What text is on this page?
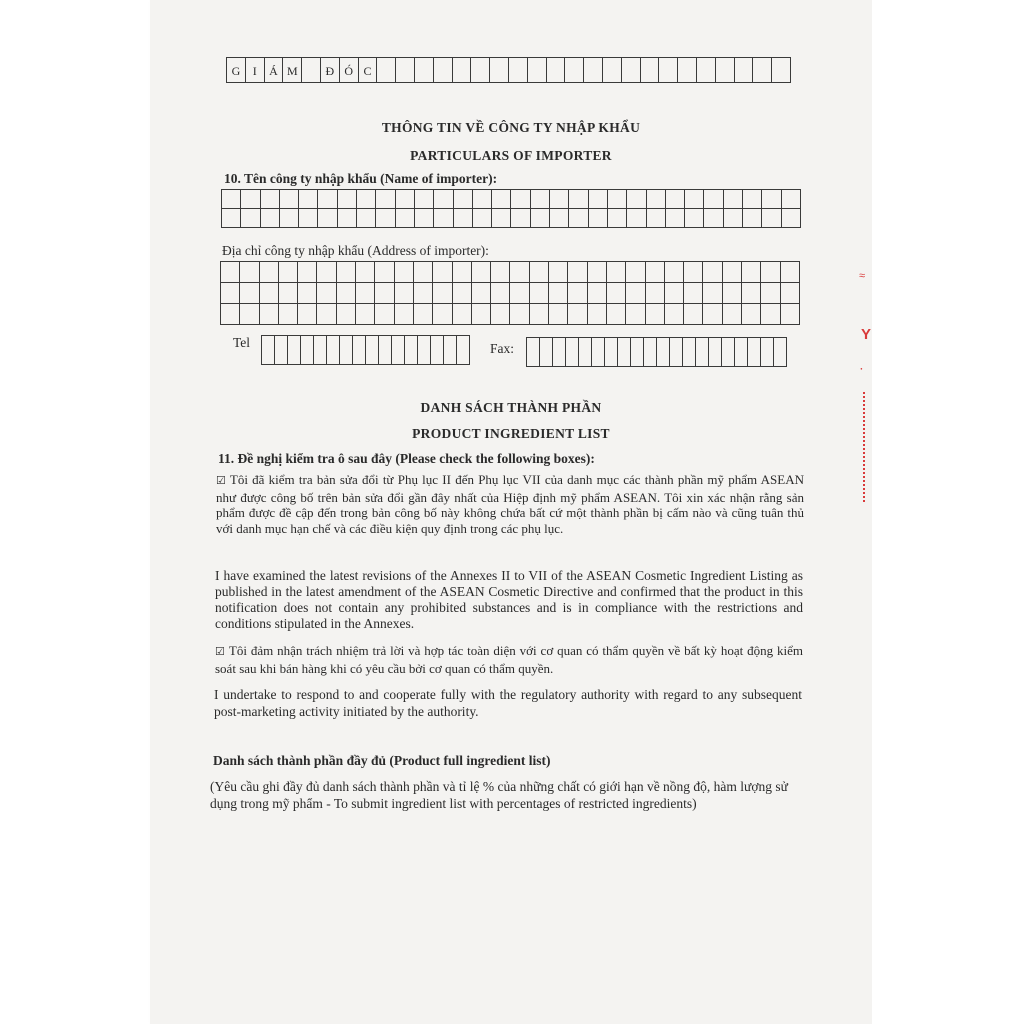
≈
Y
ꞏ
G	I	Á M	Đ Ó C
THÔNG TIN VỀ CÔNG TY NHẬP KHẨU
PARTICULARS OF IMPORTER
10. Tên công ty nhập khẩu (Name of importer):
Địa chỉ công ty nhập khẩu (Address of importer):
Tel	Fax:
DANH SÁCH THÀNH PHẦN
PRODUCT INGREDIENT LIST
11. Đề nghị kiểm tra ô sau đây (Please check the following boxes):
☑ Tôi đã kiểm tra bản sửa đổi từ Phụ lục II đến Phụ lục VII của danh mục các thành phần mỹ phẩm ASEAN như được công bố trên bản sửa đổi gần đây nhất của Hiệp định mỹ phẩm ASEAN. Tôi xin xác nhận rằng sản phẩm được đề cập đến trong bản công bố này không chứa bất cứ một thành phần bị cấm nào và cũng tuân thủ với danh mục hạn chế và các điều kiện quy định trong các phụ lục.
I have examined the latest revisions of the Annexes II to VII of the ASEAN Cosmetic Ingredient Listing as published in the latest amendment of the ASEAN Cosmetic Directive and confirmed that the product in this notification does not contain any prohibited substances and is in compliance with the restrictions and conditions stipulated in the Annexes.
☑ Tôi đảm nhận trách nhiệm trả lời và hợp tác toàn diện với cơ quan có thẩm quyền về bất kỳ hoạt động kiểm soát sau khi bán hàng khi có yêu cầu bởi cơ quan có thẩm quyền.
I undertake to respond to and cooperate fully with the regulatory authority with regard to any subsequent post-marketing activity initiated by the authority.
Danh sách thành phần đầy đủ (Product full ingredient list)
(Yêu cầu ghi đầy đủ danh sách thành phần và tỉ lệ % của những chất có giới hạn về nồng độ, hàm lượng sử dụng trong mỹ phẩm - To submit ingredient list with percentages of restricted ingredients)
